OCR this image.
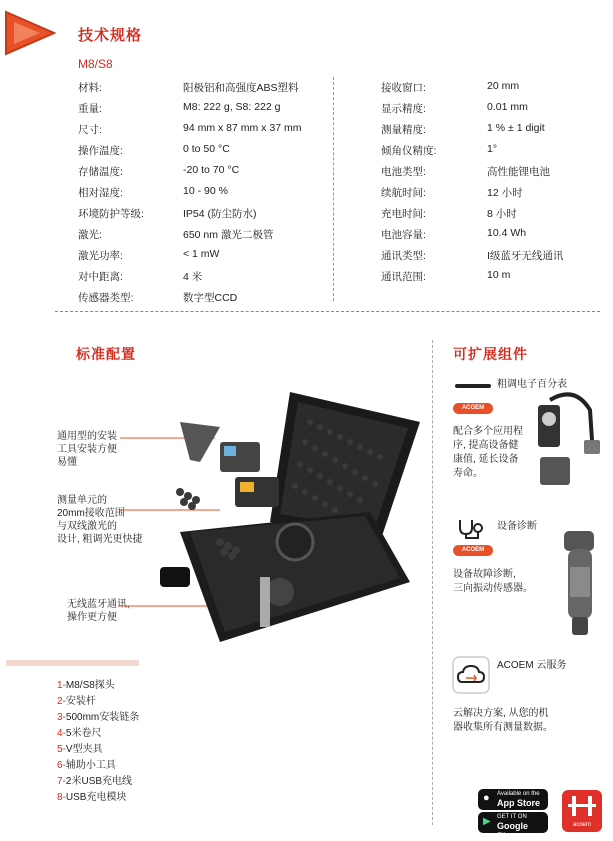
技术规格
M8/S8
材料:	阳极铝和高强度ABS塑料
重量:	M8: 222 g, S8: 222 g
尺寸:	94 mm x 87 mm x 37 mm
操作温度:	0 to 50 °C
存储温度:	-20 to 70 °C
相对湿度:	10 - 90 %
环境防护等级:	IP54 (防尘防水)
激光:	650 nm 激光二极管
激光功率:	< 1 mW
对中距离:	4 米
传感器类型:	数字型CCD
接收窗口:	20 mm
显示精度:	0.01 mm
测量精度:	1 % ± 1 digit
倾角仪精度:	1°
电池类型:	高性能锂电池
续航时间:	12 小时
充电时间:	8 小时
电池容量:	10.4 Wh
通讯类型:	I级蓝牙无线通讯
通讯范围:	10 m
标准配置
通用型的安装
工具安装方便
易懂
测量单元的
20mm接收范围
与双线激光的
设计, 粗调光更快捷
无线蓝牙通讯,
操作更方便
1-M8/S8探头
2-安装杆
3-500mm安装链条
4-5米卷尺
5-V型夹具
6-辅助小工具
7-2米USB充电线
8-USB充电模块
可扩展组件
粗调电子百分表
ACOEM
配合多个应用程
序, 提高设备健
康值, 延长设备
寿命。
设备诊断
ACOEM
设备故障诊断,
三向振动传感器。
ACOEM 云服务
云解决方案, 从您的机
器收集所有测量数据。
● Available on the
App Store
▶ GET IT ON
Google Play
acoem
